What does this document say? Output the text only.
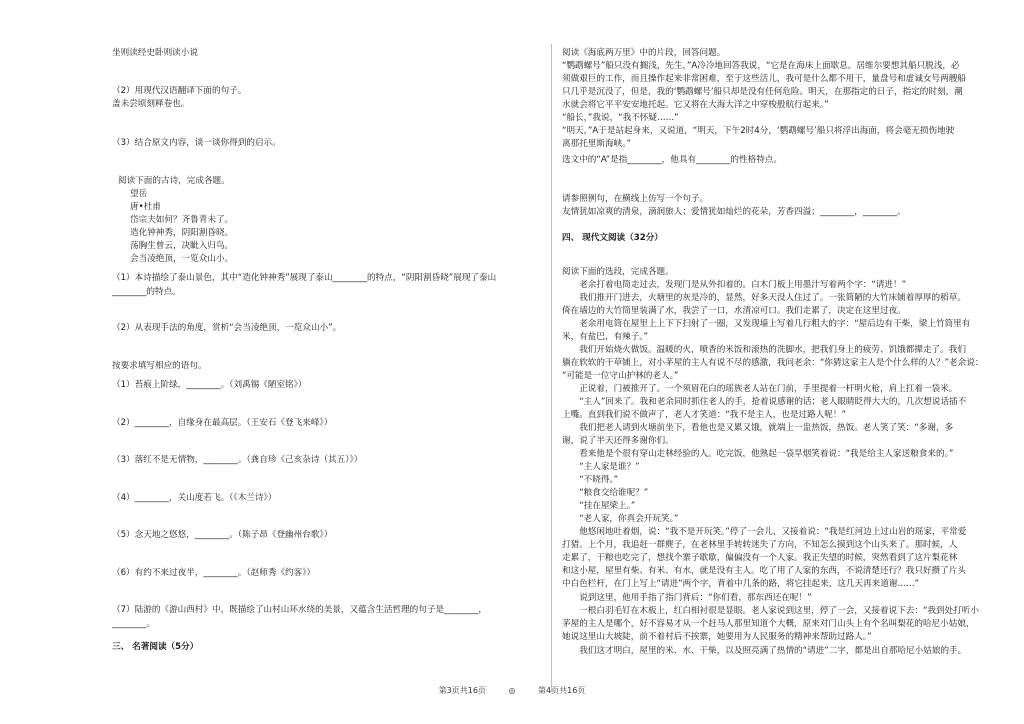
坐则读经史卧则读小说
（2）用现代汉语翻译下面的句子。
盖未尝顷刻释卷也。
（3）结合原文内容，谈一谈你得到的启示。
阅读下面的古诗，完成各题。
望岳
唐•杜甫
岱宗夫如何？齐鲁青未了。
造化钟神秀，阴阳割昏晓。
荡胸生曾云，决眦入归鸟。
会当凌绝顶，一览众山小。
（1）本诗描绘了泰山景色，其中“造化钟神秀”展现了泰山________的特点，“阴阳割昏晓”展现了泰山
________的特点。
（2）从表现手法的角度，赏析“会当凌绝顶，一览众山小”。
按要求填写相应的语句。
（1）苔痕上阶绿，________。（刘禹锡《陋室铭》）
（2）________，自缘身在最高层。（王安石《登飞来峰》）
（3）落红不是无情物，________。（龚自珍《己亥杂诗（其五）》）
（4）________，关山度若飞。（《木兰诗》）
（5）念天地之悠悠，________。（陈子昂《登幽州台歌》）
（6）有约不来过夜半，________。（赵师秀《约客》）
（7）陆游的《游山西村》中，既描绘了山村山环水绕的美景，又蕴含生活哲理的句子是________，
________。
三、 名著阅读（5分）
阅读《海底两万里》中的片段，回答问题。
“鹦鹉螺号”船只没有搁浅，先生，”A冷冷地回答我说，“它是在海床上面歇息。居维尔要想其船只脱浅，必
须做艰巨的工作，而且操作起来非常困难，至于这些活儿，我可是什么都不用干，量盘号和虚诚女号两艘船
只几乎是沉没了，但是，我的‘鹦鹉螺号’船只却是没有任何危险。明天，在那指定的日子，指定的时刻，潮
水就会将它平平安安地托起。它又将在大海大洋之中穿梭般航行起来。”
“船长，”我说，“我不怀疑……”
“明天，”A于是站起身来，又说道，“明天，下午2时4分，‘鹦鹉螺号’船只将浮出海面，将会毫无损伤地驶
离那托里斯海峡。”
选文中的“A”是指________，他具有________的性格特点。
请参照例句，在横线上仿写一个句子。
友情犹如凉爽的清泉，滴润旅人；爱情犹如灿烂的花朵，芳香四溢；________，________。
四、 现代文阅读（32分）
阅读下面的选段，完成各题。
　　老余打着电筒走过去，发现门是从外扣着的。白木门板上用墨汁写着两个字：“请进！”
　　我们推开门进去，火塘里的灰是冷的，显然，好多天没人住过了。一张简陋的大竹床铺着厚厚的稻草。
倚在墙边的大竹筒里装满了水，我尝了一口，水清凉可口。我们走累了，决定在这里过夜。
　　老余用电筒在屋里上上下下扫射了一圈，又发现墙上写着几行粗大的字：“屋后边有干柴，梁上竹筒里有
米，有盐巴，有辣子。”
　　我们开始烧火做饭。温暖的火，喷香的米饭和滚热的洗脚水，把我们身上的疲劳、饥饿都撵走了。我们
躺在软软的干草铺上，对小茅屋的主人有说不尽的感激，我问老余：“你猜这家主人是个什么样的人？”老余说：
“可能是一位守山护林的老人。”
　　正说着，门被推开了。一个须眉花白的瑶族老人站在门前，手里提着一杆明火枪，肩上扛着一袋米。
　　“主人”回来了。我和老余同时抓住老人的手，抢着说感谢的话；老人眼睛眨得大大的，几次想说话插不
上嘴。直到我们说不做声了，老人才笑道：“我不是主人，也是过路人呢！”
　　我们把老人请到火塘前坐下，看他也是又累又饿，就端上一盅热饭，热饭。老人笑了笑：“多谢，多
谢，说了半天还得多谢你们。
　　看来他是个很有穿山走林经验的人。吃完饭，他熟起一袋旱烟笑着说：“我是给主人家送粮食来的。”
　　“主人家是谁？”
　　“不晓得。”
　　“粮食交给谁呢？”
　　“挂在屋梁上。”
　　“老人家，你真会开玩笑。”
　　他悠闲地吐着烟，说：“我不是开玩笑。”停了一会儿，又接着说：“我是红河边上过山岩的瑶家，平常爱
打猎。上个月，我追赶一群麂子，在老林里手转转迷失了方向，不知怎么摸到这个山头来了。那时候，人
走累了，干粮也吃完了，想找个寨子歇歇，偏偏没有一个人家。我正失望的时候，突然看到了这片梨花林
和这小屋，屋里有柴、有米、有水，就是没有主人。吃了用了人家的东西，不说清楚还行？我只好攒了片头
中白色栏杆，在门上写上“请进”两个字，背着中几条的路，将它挂起来，这几天再来道谢……”
　　说到这里，他用手指了指门背后：“你们看，那东西还在呢！”
　　一根白羽毛钉在木板上，红白相衬很是显眼。老人家说到这里，停了一会，又接着说下去：“我到处打听小
茅屋的主人是哪个，好不容易才从一个赶马人那里知道个大概，原来对门山头上有个名叫梨花的哈尼小姑娘，
她说这里山大坡陡，前不着村后不挨寨，她要用为人民服务的精神来帮助过路人。”
　　我们这才明白，屋里的米、水、干柴，以及照亮满了热情的“请进”二字，都是出自那哈尼小姑娘的手。
第3页共16页	◎	第4页共16页
